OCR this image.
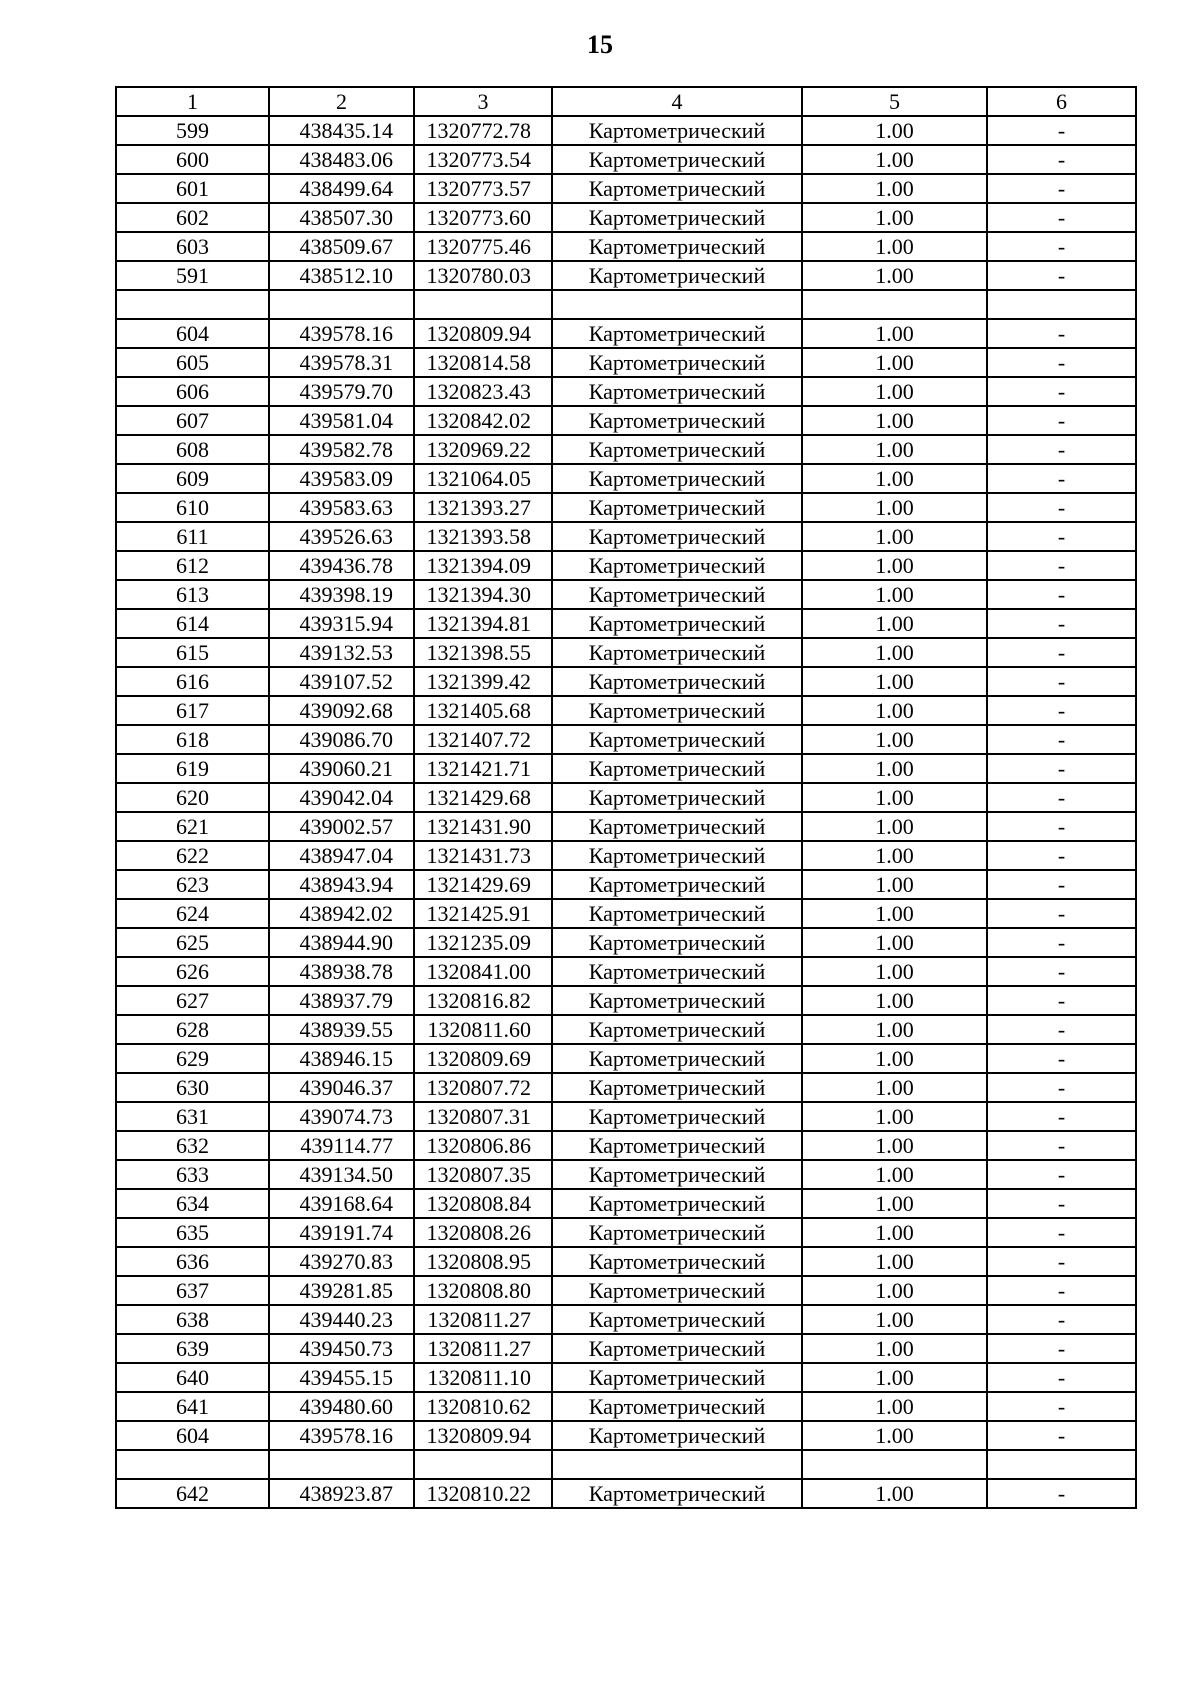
15
1	2	3	4	5	6
599	438435.14	1320772.78	Картометрический	1.00	-
600	438483.06	1320773.54	Картометрический	1.00	-
601	438499.64	1320773.57	Картометрический	1.00	-
602	438507.30	1320773.60	Картометрический	1.00	-
603	438509.67	1320775.46	Картометрический	1.00	-
591	438512.10	1320780.03	Картометрический	1.00	-

604	439578.16	1320809.94	Картометрический	1.00	-
605	439578.31	1320814.58	Картометрический	1.00	-
606	439579.70	1320823.43	Картометрический	1.00	-
607	439581.04	1320842.02	Картометрический	1.00	-
608	439582.78	1320969.22	Картометрический	1.00	-
609	439583.09	1321064.05	Картометрический	1.00	-
610	439583.63	1321393.27	Картометрический	1.00	-
611	439526.63	1321393.58	Картометрический	1.00	-
612	439436.78	1321394.09	Картометрический	1.00	-
613	439398.19	1321394.30	Картометрический	1.00	-
614	439315.94	1321394.81	Картометрический	1.00	-
615	439132.53	1321398.55	Картометрический	1.00	-
616	439107.52	1321399.42	Картометрический	1.00	-
617	439092.68	1321405.68	Картометрический	1.00	-
618	439086.70	1321407.72	Картометрический	1.00	-
619	439060.21	1321421.71	Картометрический	1.00	-
620	439042.04	1321429.68	Картометрический	1.00	-
621	439002.57	1321431.90	Картометрический	1.00	-
622	438947.04	1321431.73	Картометрический	1.00	-
623	438943.94	1321429.69	Картометрический	1.00	-
624	438942.02	1321425.91	Картометрический	1.00	-
625	438944.90	1321235.09	Картометрический	1.00	-
626	438938.78	1320841.00	Картометрический	1.00	-
627	438937.79	1320816.82	Картометрический	1.00	-
628	438939.55	1320811.60	Картометрический	1.00	-
629	438946.15	1320809.69	Картометрический	1.00	-
630	439046.37	1320807.72	Картометрический	1.00	-
631	439074.73	1320807.31	Картометрический	1.00	-
632	439114.77	1320806.86	Картометрический	1.00	-
633	439134.50	1320807.35	Картометрический	1.00	-
634	439168.64	1320808.84	Картометрический	1.00	-
635	439191.74	1320808.26	Картометрический	1.00	-
636	439270.83	1320808.95	Картометрический	1.00	-
637	439281.85	1320808.80	Картометрический	1.00	-
638	439440.23	1320811.27	Картометрический	1.00	-
639	439450.73	1320811.27	Картометрический	1.00	-
640	439455.15	1320811.10	Картометрический	1.00	-
641	439480.60	1320810.62	Картометрический	1.00	-
604	439578.16	1320809.94	Картометрический	1.00	-

642	438923.87	1320810.22	Картометрический	1.00	-
